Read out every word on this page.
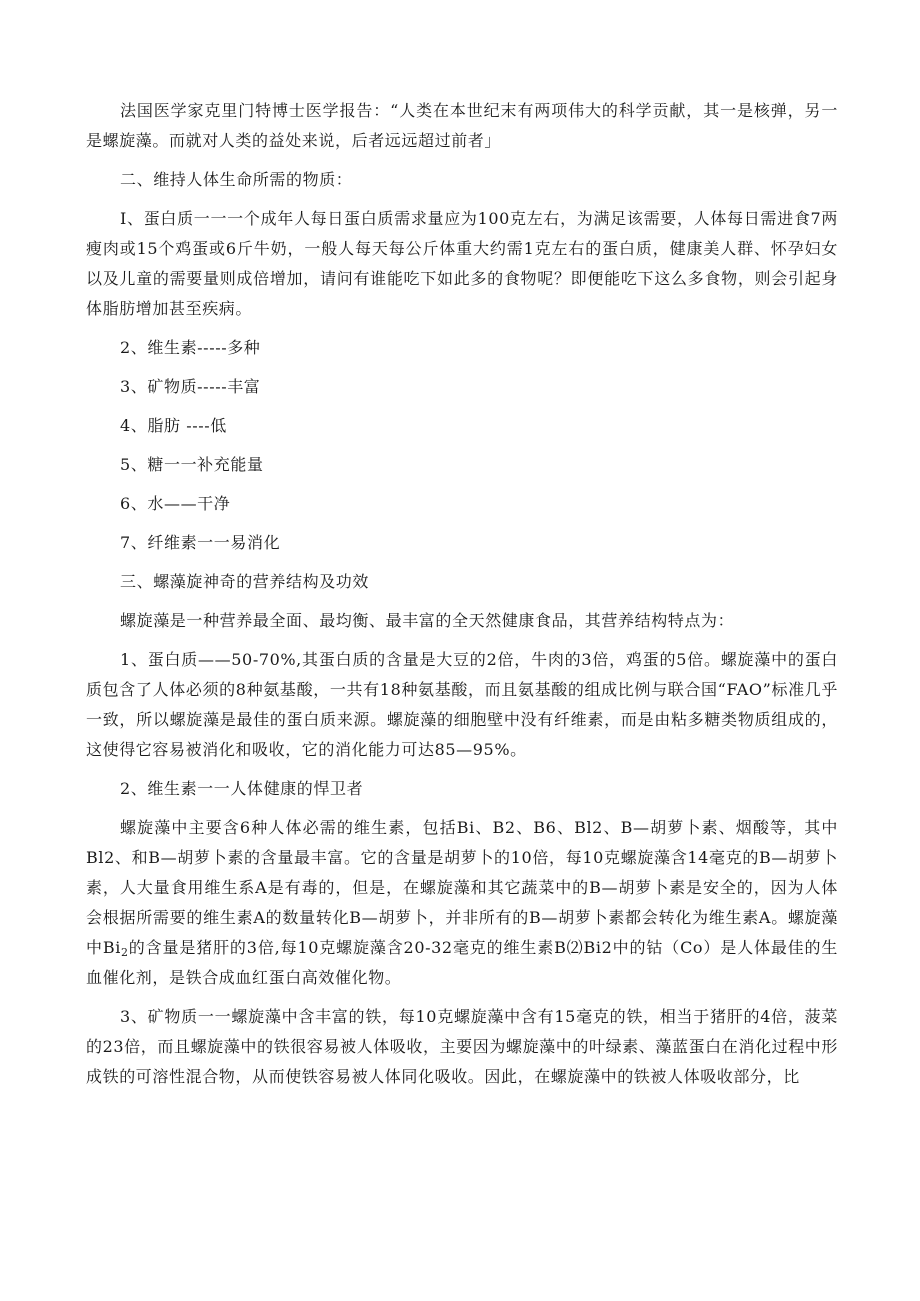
法国医学家克里门特博士医学报告：“人类在本世纪末有两项伟大的科学贡献，其一是核弹，另一是螺旋藻。而就对人类的益处来说，后者远远超过前者」

二、维持人体生命所需的物质：

I、蛋白质一一一个成年人每日蛋白质需求量应为100克左右，为满足该需要，人体每日需进食7两瘦肉或15个鸡蛋或6斤牛奶，一般人每天每公斤体重大约需1克左右的蛋白质，健康美人群、怀孕妇女以及儿童的需要量则成倍增加，请问有谁能吃下如此多的食物呢？即便能吃下这么多食物，则会引起身体脂肪增加甚至疾病。

2、维生素-----多种

3、矿物质-----丰富

4、脂肪 ----低

5、糖一一补充能量

6、水——干净

7、纤维素一一易消化

三、螺藻旋神奇的营养结构及功效

螺旋藻是一种营养最全面、最均衡、最丰富的全天然健康食品，其营养结构特点为：

1、蛋白质——50-70%,其蛋白质的含量是大豆的2倍，牛肉的3倍，鸡蛋的5倍。螺旋藻中的蛋白质包含了人体必须的8种氨基酸，一共有18种氨基酸，而且氨基酸的组成比例与联合国“FAO”标准几乎一致，所以螺旋藻是最佳的蛋白质来源。螺旋藻的细胞壁中没有纤维素，而是由粘多糖类物质组成的，这使得它容易被消化和吸收，它的消化能力可达85—95%。

2、维生素一一人体健康的悍卫者

螺旋藻中主要含6种人体必需的维生素，包括Bi、B2、B6、Bl2、B—胡萝卜素、烟酸等，其中Bl2、和B—胡萝卜素的含量最丰富。它的含量是胡萝卜的10倍，每10克螺旋藻含14毫克的B—胡萝卜素，人大量食用维生系A是有毒的，但是，在螺旋藻和其它蔬菜中的B—胡萝卜素是安全的，因为人体会根据所需要的维生素A的数量转化B—胡萝卜，并非所有的B—胡萝卜素都会转化为维生素A。螺旋藻中$Bi_2$的含量是猪肝的3倍,每10克螺旋藻含20-32毫克的维生素B⑵Bi2中的钴（Co）是人体最佳的生血催化剂，是铁合成血红蛋白高效催化物。

3、矿物质一一螺旋藻中含丰富的铁，每10克螺旋藻中含有15毫克的铁，相当于猪肝的4倍，菠菜的23倍，而且螺旋藻中的铁很容易被人体吸收，主要因为螺旋藻中的叶绿素、藻蓝蛋白在消化过程中形成铁的可溶性混合物，从而使铁容易被人体同化吸收。因此，在螺旋藻中的铁被人体吸收部分，比
